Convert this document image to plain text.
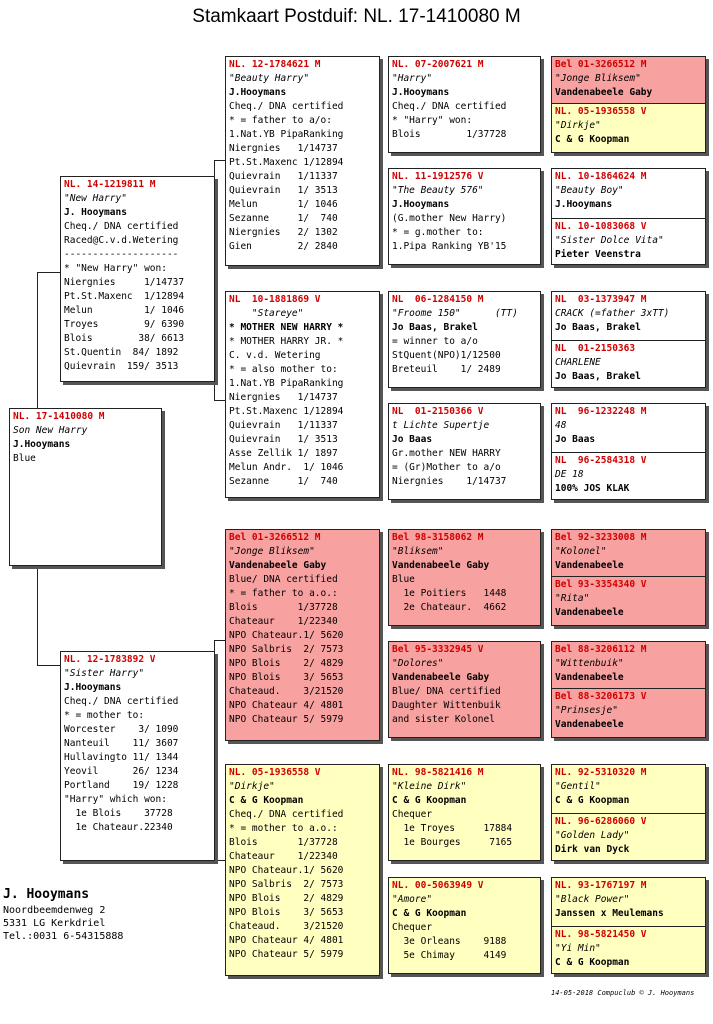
Stamkaart Postduif: NL. 17-1410080 M
NL. 17-1410080 M
Son New Harry
J.Hooymans
Blue
NL. 14-1219811 M
"New Harry"
J. Hooymans
Cheq./ DNA certified
Raced@C.v.d.Wetering
--------------------
* "New Harry" won:
Niergnies     1/14737
Pt.St.Maxenc  1/12894
Melun         1/ 1046
Troyes        9/ 6390
Blois        38/ 6613
St.Quentin  84/ 1892
Quievrain  159/ 3513
NL. 12-1783892 V
"Sister Harry"
J.Hooymans
Cheq./ DNA certified
* = mother to:
Worcester    3/ 1090
Nanteuil    11/ 3607
Hullavingto 11/ 1344
Yeovil      26/ 1234
Portland    19/ 1228
"Harry" which won:
1e Blois    37728
1e Chateaur.22340
NL. 12-1784621 M
"Beauty Harry"
J.Hooymans
Cheq./ DNA certified
* = father to a/o:
1.Nat.YB PipaRanking
Niergnies   1/14737
Pt.St.Maxenc 1/12894
Quievrain   1/11337
Quievrain   1/ 3513
Melun       1/ 1046
Sezanne     1/  740
Niergnies   2/ 1302
Gien        2/ 2840
NL  10-1881869 V
"Stareye"
* MOTHER NEW HARRY *
* MOTHER HARRY JR. *
C. v.d. Wetering
* = also mother to:
1.Nat.YB PipaRanking
Niergnies   1/14737
Pt.St.Maxenc 1/12894
Quievrain   1/11337
Quievrain   1/ 3513
Asse Zellik 1/ 1897
Melun Andr.  1/ 1046
Sezanne     1/  740
Bel 01-3266512 M
"Jonge Bliksem"
Vandenabeele Gaby
Blue/ DNA certified
* = father to a.o.:
Blois       1/37728
Chateaur    1/22340
NPO Chateaur.1/ 5620
NPO Salbris  2/ 7573
NPO Blois    2/ 4829
NPO Blois    3/ 5653
Chateaud.    3/21520
NPO Chateaur 4/ 4801
NPO Chateaur 5/ 5979
NL. 05-1936558 V
"Dirkje"
C & G Koopman
Cheq./ DNA certified
* = mother to a.o.:
Blois       1/37728
Chateaur    1/22340
NPO Chateaur.1/ 5620
NPO Salbris  2/ 7573
NPO Blois    2/ 4829
NPO Blois    3/ 5653
Chateaud.    3/21520
NPO Chateaur 4/ 4801
NPO Chateaur 5/ 5979
NL. 07-2007621 M
"Harry"
J.Hooymans
Cheq./ DNA certified
* "Harry" won:
Blois        1/37728
NL. 11-1912576 V
"The Beauty 576"
J.Hooymans
(G.mother New Harry)
* = g.mother to:
1.Pipa Ranking YB'15
NL  06-1284150 M
"Froome 150"      (TT)
Jo Baas, Brakel
= winner to a/o
StQuent(NPO)1/12500
Breteuil    1/ 2489
NL  01-2150366 V
t Lichte Supertje
Jo Baas
Gr.mother NEW HARRY
= (Gr)Mother to a/o
Niergnies    1/14737
Bel 98-3158062 M
"Bliksem"
Vandenabeele Gaby
Blue
1e Poitiers   1448
2e Chateaur.  4662
Bel 95-3332945 V
"Dolores"
Vandenabeele Gaby
Blue/ DNA certified
Daughter Wittenbuik
and sister Kolonel
NL. 98-5821416 M
"Kleine Dirk"
C & G Koopman
Chequer
1e Troyes     17884
1e Bourges     7165
NL. 00-5063949 V
"Amore"
C & G Koopman
Chequer
3e Orleans    9188
5e Chimay     4149
Bel 01-3266512 M
"Jonge Bliksem"
Vandenabeele Gaby
NL. 05-1936558 V
"Dirkje"
C & G Koopman
NL. 10-1864624 M
"Beauty Boy"
J.Hooymans
NL. 10-1083068 V
"Sister Dolce Vita"
Pieter Veenstra
NL  03-1373947 M
CRACK (=father 3xTT)
Jo Baas, Brakel
NL  01-2150363
CHARLENE
Jo Baas, Brakel
NL  96-1232248 M
48
Jo Baas
NL  96-2584318 V
DE 18
100% JOS KLAK
Bel 92-3233008 M
"Kolonel"
Vandenabeele
Bel 93-3354340 V
"Rita"
Vandenabeele
Bel 88-3206112 M
"Wittenbuik"
Vandenabeele
Bel 88-3206173 V
"Prinsesje"
Vandenabeele
NL. 92-5310320 M
"Gentil"
C & G Koopman
NL. 96-6286060 V
"Golden Lady"
Dirk van Dyck
NL. 93-1767197 M
"Black Power"
Janssen x Meulemans
NL. 98-5821450 V
"Yi Min"
C & G Koopman
J. Hooymans
Noordbeemdenweg 2
5331 LG Kerkdriel
Tel.:0031 6-54315888
14-05-2018 Compuclub © J. Hooymans
